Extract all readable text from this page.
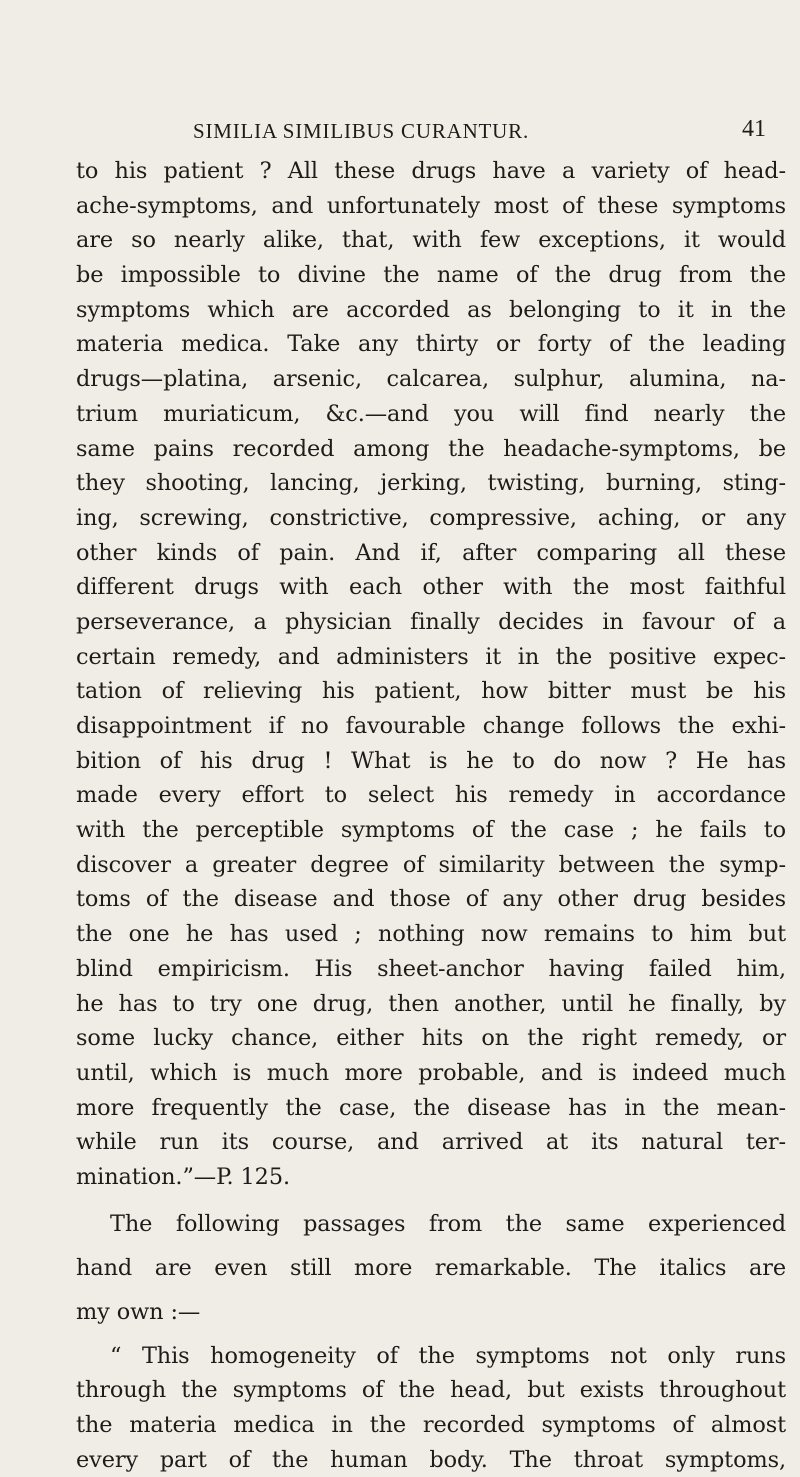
SIMILIA SIMILIBUS CURANTUR.	41
to his patient ? All these drugs have a variety of head-
ache-symptoms, and unfortunately most of these symptoms
are so nearly alike, that, with few exceptions, it would
be impossible to divine the name of the drug from the
symptoms which are accorded as belonging to it in the
materia medica. Take any thirty or forty of the leading
drugs—platina, arsenic, calcarea, sulphur, alumina, na-
trium muriaticum, &c.—and you will find nearly the
same pains recorded among the headache-symptoms, be
they shooting, lancing, jerking, twisting, burning, sting-
ing, screwing, constrictive, compressive, aching, or any
other kinds of pain. And if, after comparing all these
different drugs with each other with the most faithful
perseverance, a physician finally decides in favour of a
certain remedy, and administers it in the positive expec-
tation of relieving his patient, how bitter must be his
disappointment if no favourable change follows the exhi-
bition of his drug ! What is he to do now ? He has
made every effort to select his remedy in accordance
with the perceptible symptoms of the case ; he fails to
discover a greater degree of similarity between the symp-
toms of the disease and those of any other drug besides
the one he has used ; nothing now remains to him but
blind empiricism. His sheet-anchor having failed him,
he has to try one drug, then another, until he finally, by
some lucky chance, either hits on the right remedy, or
until, which is much more probable, and is indeed much
more frequently the case, the disease has in the mean-
while run its course, and arrived at its natural ter-
mination.”—P. 125.
The following passages from the same experienced
hand are even still more remarkable. The italics are
my own :—
“ This homogeneity of the symptoms not only runs
through the symptoms of the head, but exists throughout
the materia medica in the recorded symptoms of almost
every part of the human body. The throat symptoms,
